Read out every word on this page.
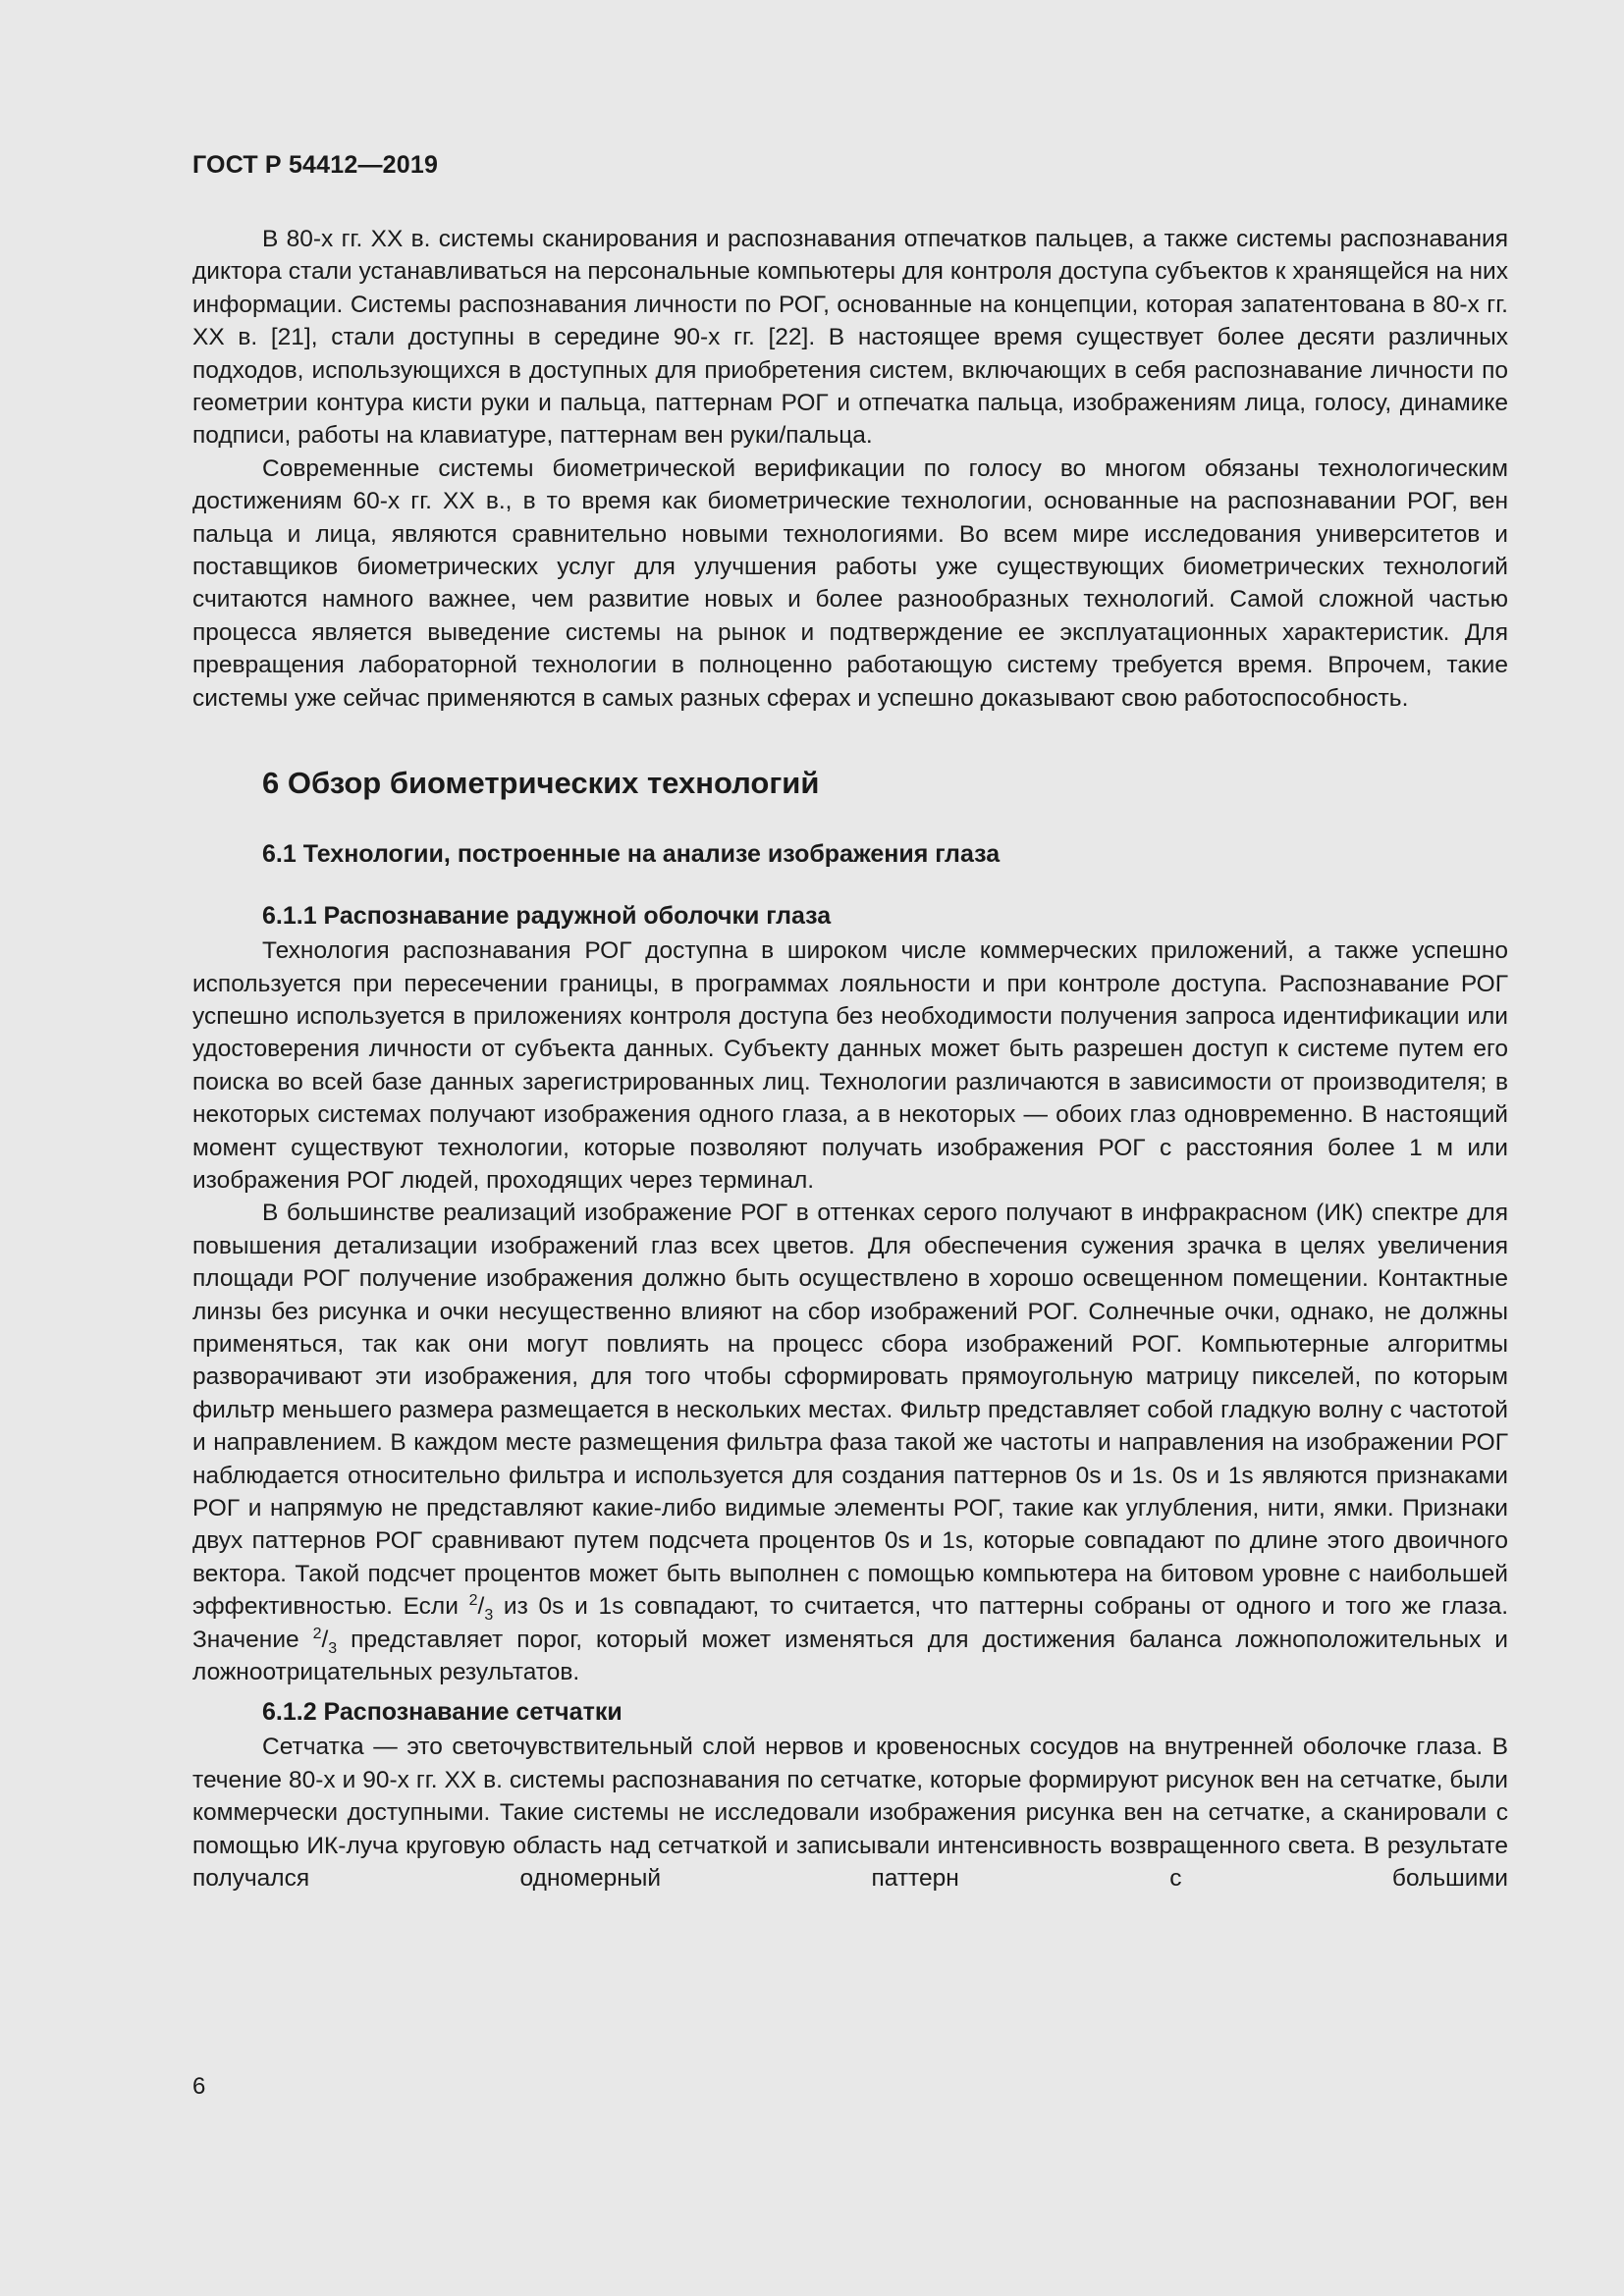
ГОСТ Р 54412—2019

В 80-х гг. XX в. системы сканирования и распознавания отпечатков пальцев, а также системы распознавания диктора стали устанавливаться на персональные компьютеры для контроля доступа субъектов к хранящейся на них информации. Системы распознавания личности по РОГ, основанные на концепции, которая запатентована в 80-х гг. XX в. [21], стали доступны в середине 90-х гг. [22]. В настоящее время существует более десяти различных подходов, использующихся в доступных для приобретения систем, включающих в себя распознавание личности по геометрии контура кисти руки и пальца, паттернам РОГ и отпечатка пальца, изображениям лица, голосу, динамике подписи, работы на клавиатуре, паттернам вен руки/пальца.

Современные системы биометрической верификации по голосу во многом обязаны технологическим достижениям 60-х гг. XX в., в то время как биометрические технологии, основанные на распознавании РОГ, вен пальца и лица, являются сравнительно новыми технологиями. Во всем мире исследования университетов и поставщиков биометрических услуг для улучшения работы уже существующих биометрических технологий считаются намного важнее, чем развитие новых и более разнообразных технологий. Самой сложной частью процесса является выведение системы на рынок и подтверждение ее эксплуатационных характеристик. Для превращения лабораторной технологии в полноценно работающую систему требуется время. Впрочем, такие системы уже сейчас применяются в самых разных сферах и успешно доказывают свою работоспособность.

6 Обзор биометрических технологий
6.1 Технологии, построенные на анализе изображения глаза
6.1.1 Распознавание радужной оболочки глаза

Технология распознавания РОГ доступна в широком числе коммерческих приложений, а также успешно используется при пересечении границы, в программах лояльности и при контроле доступа. Распознавание РОГ успешно используется в приложениях контроля доступа без необходимости получения запроса идентификации или удостоверения личности от субъекта данных. Субъекту данных может быть разрешен доступ к системе путем его поиска во всей базе данных зарегистрированных лиц. Технологии различаются в зависимости от производителя; в некоторых системах получают изображения одного глаза, а в некоторых — обоих глаз одновременно. В настоящий момент существуют технологии, которые позволяют получать изображения РОГ с расстояния более 1 м или изображения РОГ людей, проходящих через терминал.

В большинстве реализаций изображение РОГ в оттенках серого получают в инфракрасном (ИК) спектре для повышения детализации изображений глаз всех цветов. Для обеспечения сужения зрачка в целях увеличения площади РОГ получение изображения должно быть осуществлено в хорошо освещенном помещении. Контактные линзы без рисунка и очки несущественно влияют на сбор изображений РОГ. Солнечные очки, однако, не должны применяться, так как они могут повлиять на процесс сбора изображений РОГ. Компьютерные алгоритмы разворачивают эти изображения, для того чтобы сформировать прямоугольную матрицу пикселей, по которым фильтр меньшего размера размещается в нескольких местах. Фильтр представляет собой гладкую волну с частотой и направлением. В каждом месте размещения фильтра фаза такой же частоты и направления на изображении РОГ наблюдается относительно фильтра и используется для создания паттернов 0s и 1s. 0s и 1s являются признаками РОГ и напрямую не представляют какие-либо видимые элементы РОГ, такие как углубления, нити, ямки. Признаки двух паттернов РОГ сравнивают путем подсчета процентов 0s и 1s, которые совпадают по длине этого двоичного вектора. Такой подсчет процентов может быть выполнен с помощью компьютера на битовом уровне с наибольшей эффективностью. Если $^2/_3$ из 0s и 1s совпадают, то считается, что паттерны собраны от одного и того же глаза. Значение $^2/_3$ представляет порог, который может изменяться для достижения баланса ложноположительных и ложноотрицательных результатов.

6.1.2 Распознавание сетчатки

Сетчатка — это светочувствительный слой нервов и кровеносных сосудов на внутренней оболочке глаза. В течение 80-х и 90-х гг. XX в. системы распознавания по сетчатке, которые формируют рисунок вен на сетчатке, были коммерчески доступными. Такие системы не исследовали изображения рисунка вен на сетчатке, а сканировали с помощью ИК-луча круговую область над сетчаткой и записывали интенсивность возвращенного света. В результате получался одномерный паттерн с большими

6
